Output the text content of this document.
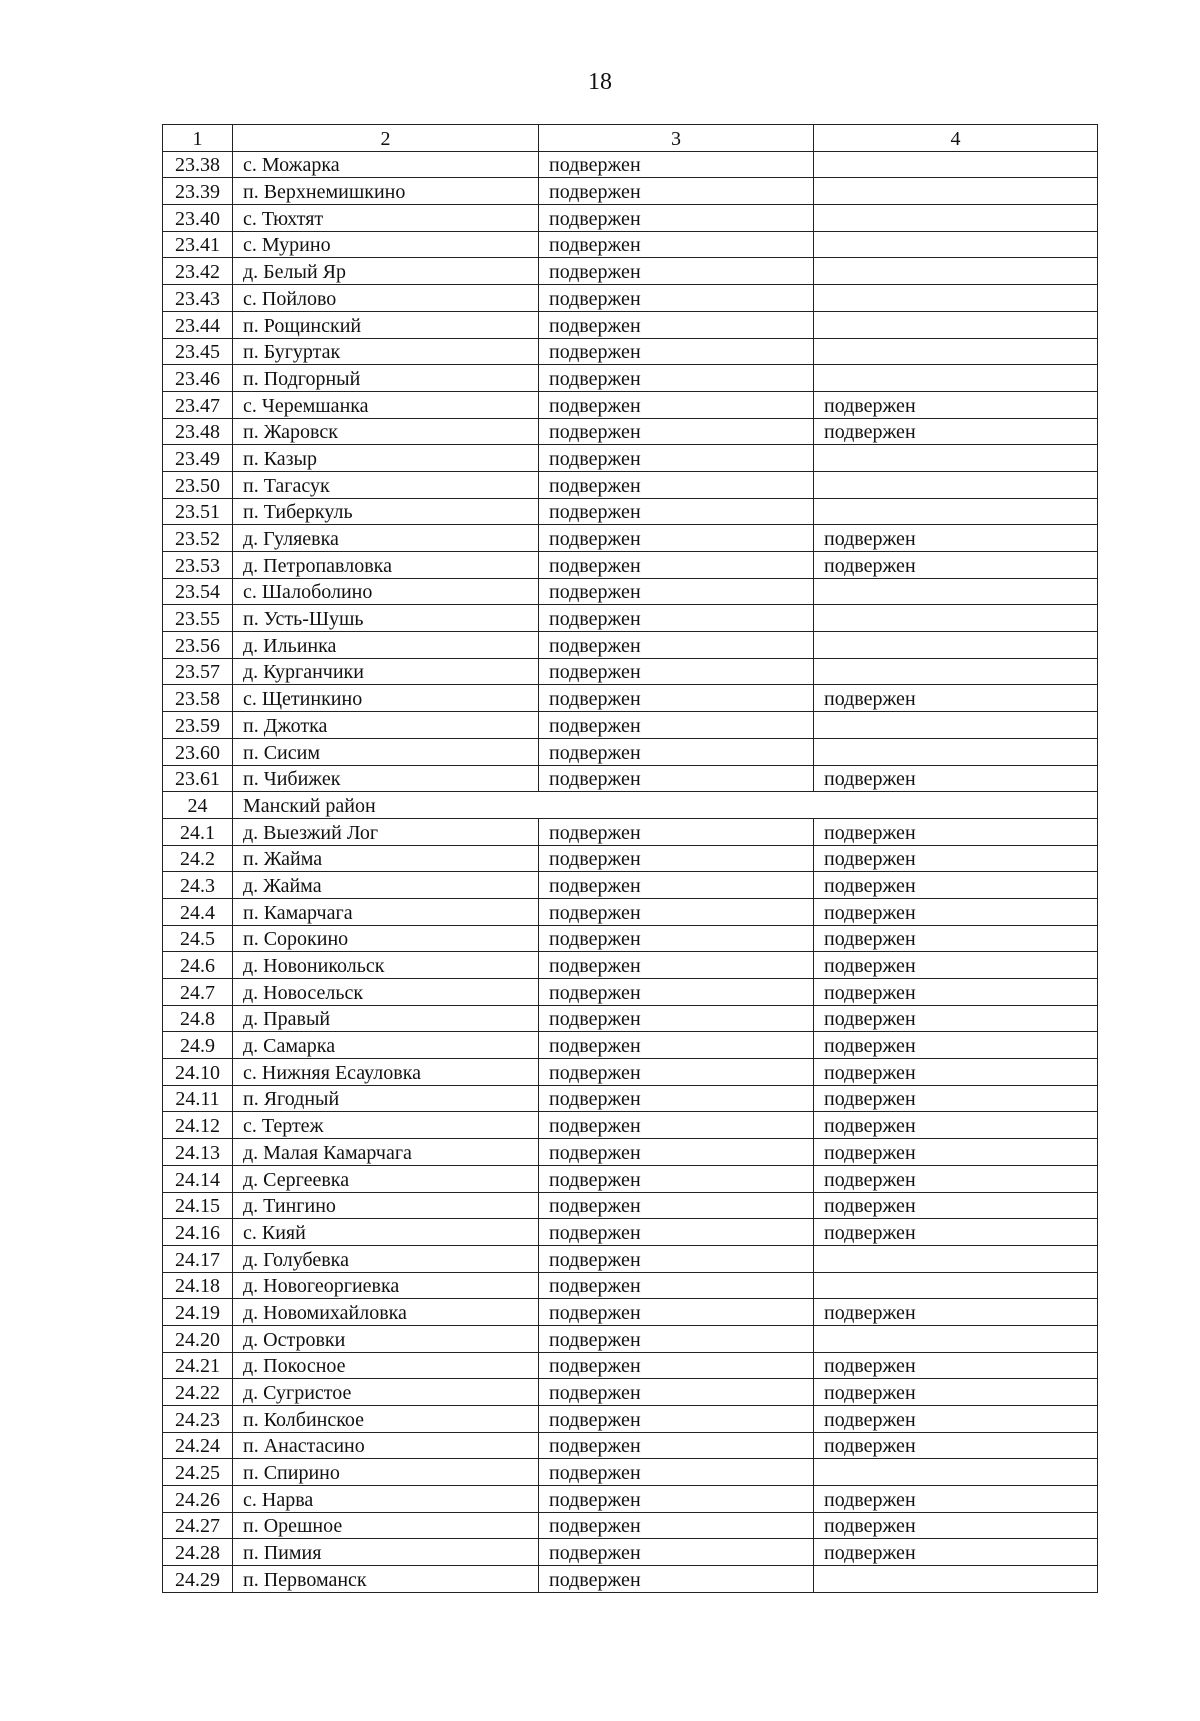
18
1	2	3	4
23.38	с. Можарка	подвержен	
23.39	п. Верхнемишкино	подвержен	
23.40	с. Тюхтят	подвержен	
23.41	с. Мурино	подвержен	
23.42	д. Белый Яр	подвержен	
23.43	с. Пойлово	подвержен	
23.44	п. Рощинский	подвержен	
23.45	п. Бугуртак	подвержен	
23.46	п. Подгорный	подвержен	
23.47	с. Черемшанка	подвержен	подвержен
23.48	п. Жаровск	подвержен	подвержен
23.49	п. Казыр	подвержен	
23.50	п. Тагасук	подвержен	
23.51	п. Тиберкуль	подвержен	
23.52	д. Гуляевка	подвержен	подвержен
23.53	д. Петропавловка	подвержен	подвержен
23.54	с. Шалоболино	подвержен	
23.55	п. Усть-Шушь	подвержен	
23.56	д. Ильинка	подвержен	
23.57	д. Курганчики	подвержен	
23.58	с. Щетинкино	подвержен	подвержен
23.59	п. Джотка	подвержен	
23.60	п. Сисим	подвержен	
23.61	п. Чибижек	подвержен	подвержен
24	Манский район		
24.1	д. Выезжий Лог	подвержен	подвержен
24.2	п. Жайма	подвержен	подвержен
24.3	д. Жайма	подвержен	подвержен
24.4	п. Камарчага	подвержен	подвержен
24.5	п. Сорокино	подвержен	подвержен
24.6	д. Новоникольск	подвержен	подвержен
24.7	д. Новосельск	подвержен	подвержен
24.8	д. Правый	подвержен	подвержен
24.9	д. Самарка	подвержен	подвержен
24.10	с. Нижняя Есауловка	подвержен	подвержен
24.11	п. Ягодный	подвержен	подвержен
24.12	с. Тертеж	подвержен	подвержен
24.13	д. Малая Камарчага	подвержен	подвержен
24.14	д. Сергеевка	подвержен	подвержен
24.15	д. Тингино	подвержен	подвержен
24.16	с. Кияй	подвержен	подвержен
24.17	д. Голубевка	подвержен	
24.18	д. Новогеоргиевка	подвержен	
24.19	д. Новомихайловка	подвержен	подвержен
24.20	д. Островки	подвержен	
24.21	д. Покосное	подвержен	подвержен
24.22	д. Сугристое	подвержен	подвержен
24.23	п. Колбинское	подвержен	подвержен
24.24	п. Анастасино	подвержен	подвержен
24.25	п. Спирино	подвержен	
24.26	с. Нарва	подвержен	подвержен
24.27	п. Орешное	подвержен	подвержен
24.28	п. Пимия	подвержен	подвержен
24.29	п. Первоманск	подвержен	
